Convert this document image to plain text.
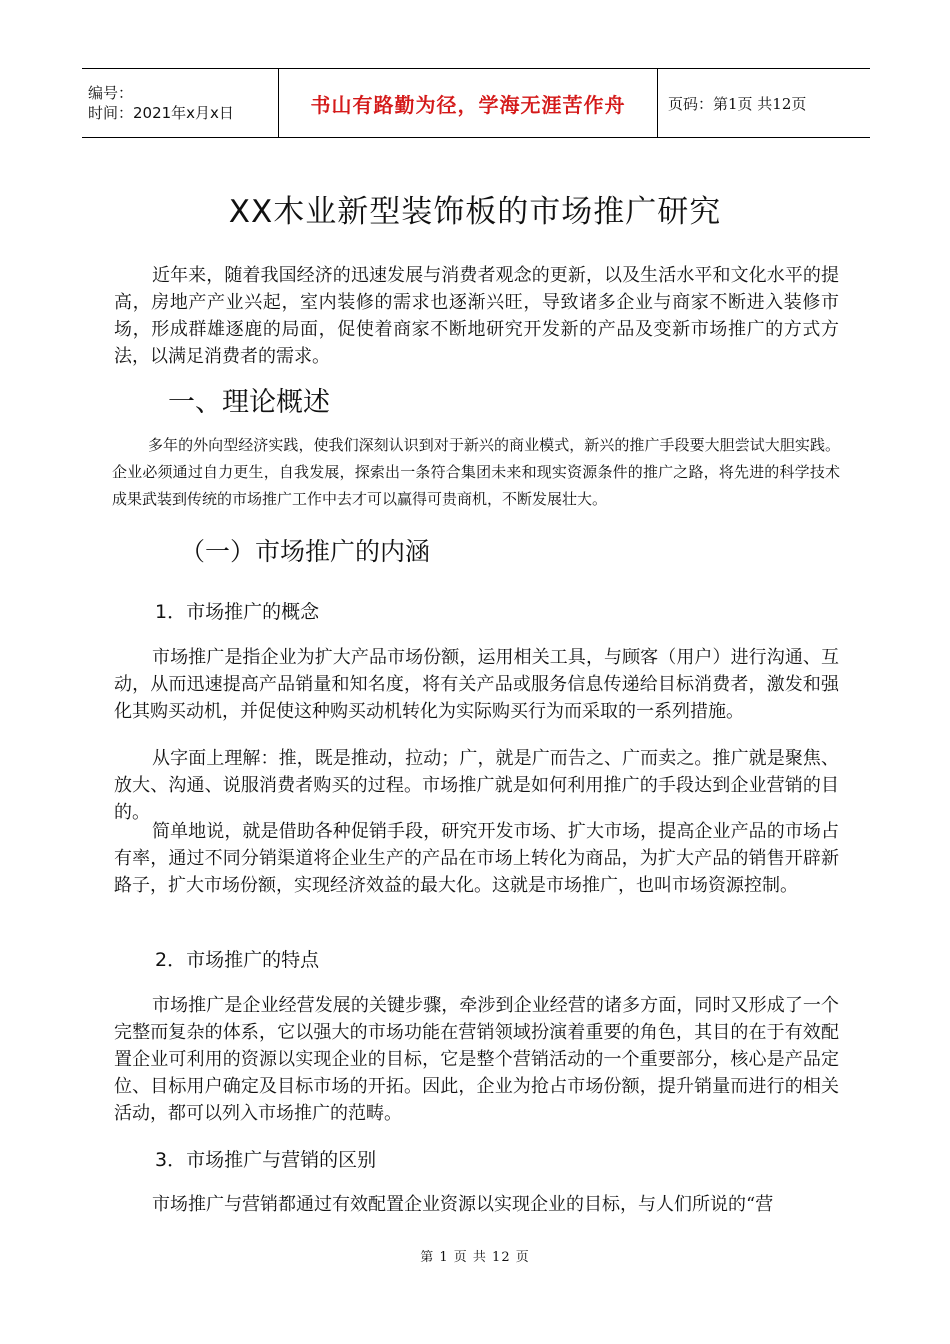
编号：
时间：2021年x月x日	书山有路勤为径，学海无涯苦作舟	页码：第1页 共12页
XX木业新型装饰板的市场推广研究

近年来，随着我国经济的迅速发展与消费者观念的更新，以及生活水平和文化水平的提高，房地产产业兴起，室内装修的需求也逐渐兴旺，导致诸多企业与商家不断进入装修市场，形成群雄逐鹿的局面，促使着商家不断地研究开发新的产品及变新市场推广的方式方法，以满足消费者的需求。

一、理论概述

多年的外向型经济实践，使我们深刻认识到对于新兴的商业模式，新兴的推广手段要大胆尝试大胆实践。企业必须通过自力更生，自我发展，探索出一条符合集团未来和现实资源条件的推广之路，将先进的科学技术成果武装到传统的市场推广工作中去才可以赢得可贵商机，不断发展壮大。

（一）市场推广的内涵
1．市场推广的概念

市场推广是指企业为扩大产品市场份额，运用相关工具，与顾客（用户）进行沟通、互动，从而迅速提高产品销量和知名度，将有关产品或服务信息传递给目标消费者，激发和强化其购买动机，并促使这种购买动机转化为实际购买行为而采取的一系列措施。

从字面上理解：推，既是推动，拉动；广，就是广而告之、广而卖之。推广就是聚焦、放大、沟通、说服消费者购买的过程。市场推广就是如何利用推广的手段达到企业营销的目的。

简单地说，就是借助各种促销手段，研究开发市场、扩大市场，提高企业产品的市场占有率，通过不同分销渠道将企业生产的产品在市场上转化为商品，为扩大产品的销售开辟新路子，扩大市场份额，实现经济效益的最大化。这就是市场推广，也叫市场资源控制。

2．市场推广的特点

市场推广是企业经营发展的关键步骤，牵涉到企业经营的诸多方面，同时又形成了一个完整而复杂的体系，它以强大的市场功能在营销领域扮演着重要的角色，其目的在于有效配置企业可利用的资源以实现企业的目标，它是整个营销活动的一个重要部分，核心是产品定位、目标用户确定及目标市场的开拓。因此，企业为抢占市场份额，提升销量而进行的相关活动，都可以列入市场推广的范畴。

3．市场推广与营销的区别

市场推广与营销都通过有效配置企业资源以实现企业的目标，与人们所说的“营

第 1 页 共 12 页
